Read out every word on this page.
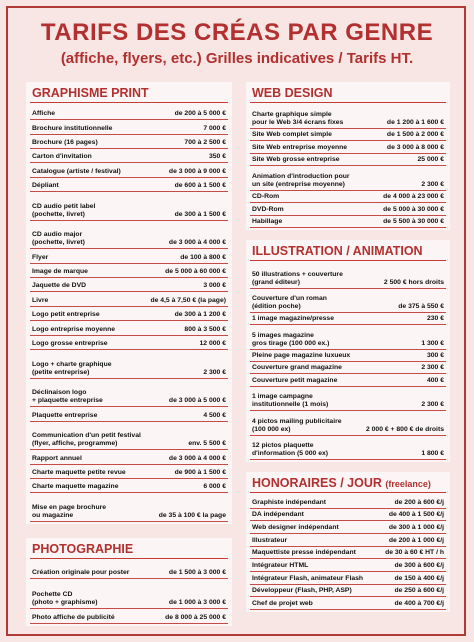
TARIFS DES CRÉAS PAR GENRE
(affiche, flyers, etc.) Grilles indicatives / Tarifs HT.
GRAPHISME PRINT
Affiche	de 200 à 5 000 €
Brochure institutionnelle	7 000 €
Brochure (16 pages)	700 à 2 500 €
Carton d'invitation	350 €
Catalogue (artiste / festival)	de 3 000 à 9 000 €
Dépliant	de 600 à 1 500 €
CD audio petit label
(pochette, livret)	de 300 à 1 500 €
CD audio major
(pochette, livret)	de 3 000 à 4 000 €
Flyer	de 100 à 800 €
Image de marque	de 5 000 à 60 000 €
Jaquette de DVD	3 000 €
Livre	de 4,5 à 7,50 € (la page)
Logo petit entreprise	de 300 à 1 200 €
Logo entreprise moyenne	800 à 3 500 €
Logo grosse entreprise	12 000 €
Logo + charte graphique
(petite entreprise)	2 300 €
Déclinaison logo
+ plaquette entreprise	de 3 000 à 5 000 €
Plaquette entreprise	4 500 €
Communication d'un petit festival
(flyer, affiche, programme)	env. 5 500 €
Rapport annuel	de 3 000 à 4 000 €
Charte maquette petite revue	de 900 à 1 500 €
Charte maquette magazine	6 000 €
Mise en page brochure
ou magazine	de 35 à 100 € la page
PHOTOGRAPHIE
Création originale pour poster	de 1 500 à 3 000 €
Pochette CD
(photo + graphisme)	de 1 000 à 3 000 €
Photo affiche de publicité	de 8 000 à 25 000 €
WEB DESIGN
Charte graphique simple
pour le Web 3/4 écrans fixes	de 1 200 à 1 600 €
Site Web complet simple	de 1 500 à 2 000 €
Site Web entreprise moyenne	de 3 000 à 8 000 €
Site Web grosse entreprise	25 000 €
Animation d'introduction pour
un site (entreprise moyenne)	2 300 €
CD-Rom	de 4 000 à 23 000 €
DVD-Rom	de 5 000 à 30 000 €
Habillage	de 5 500 à 30 000 €
ILLUSTRATION / ANIMATION
50 illustrations + couverture
(grand éditeur)	2 500 € hors droits
Couverture d'un roman
(édition poche)	de 375 à 550 €
1 image magazine/presse	230 €
5 images magazine
gros tirage (100 000 ex.)	1 300 €
Pleine page magazine luxueux	300 €
Couverture grand magazine	2 300 €
Couverture petit magazine	400 €
1 image campagne
institutionnelle (1 mois)	2 300 €
4 pictos mailing publicitaire
(100 000 ex)	2 000 € + 800 € de droits
12 pictos plaquette
d'information (5 000 ex)	1 800 €
HONORAIRES / JOUR (freelance)
Graphiste indépendant	de 200 à 600 €/j
DA indépendant	de 400 à 1 500 €/j
Web designer indépendant	de 300 à 1 000 €/j
Illustrateur	de 200 à 1 000 €/j
Maquettiste presse indépendant	de 30 à 60 € HT / h
Intégrateur HTML	de 300 à 600 €/j
Intégrateur Flash, animateur Flash	de 150 à 400 €/j
Développeur (Flash, PHP, ASP)	de 250 à 600 €/j
Chef de projet web	de 400 à 700 €/j
